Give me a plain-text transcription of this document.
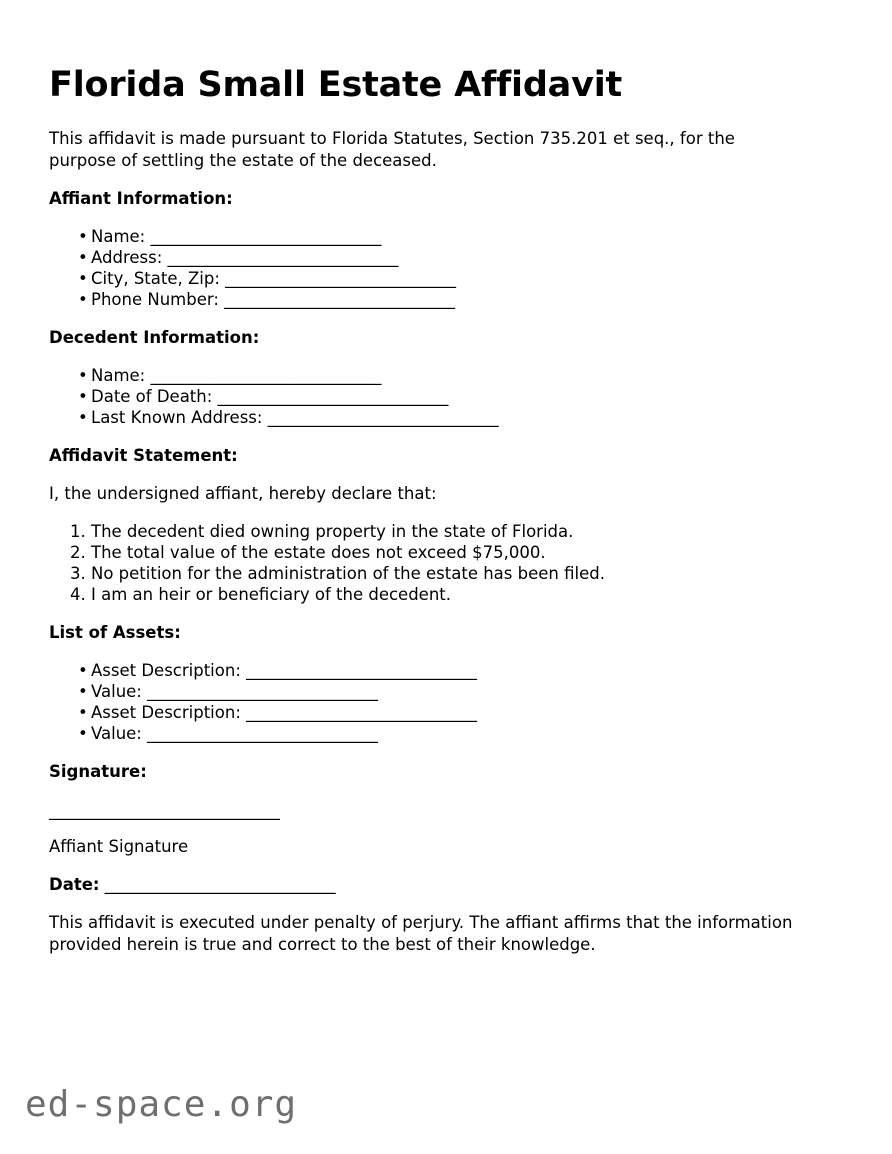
Florida Small Estate Affidavit

This affidavit is made pursuant to Florida Statutes, Section 735.201 et seq., for the purpose of settling the estate of the deceased.

Affiant Information:
• Name: _____________________________
• Address: _____________________________
• City, State, Zip: _____________________________
• Phone Number: _____________________________
Decedent Information:
• Name: _____________________________
• Date of Death: _____________________________
• Last Known Address: _____________________________
Affidavit Statement:

I, the undersigned affiant, hereby declare that:

The decedent died owning property in the state of Florida.
The total value of the estate does not exceed $75,000.
No petition for the administration of the estate has been filed.
I am an heir or beneficiary of the decedent.
List of Assets:
• Asset Description: _____________________________
• Value: _____________________________
• Asset Description: _____________________________
• Value: _____________________________
Signature:
_____________________________
Affiant Signature
Date: _____________________________

This affidavit is executed under penalty of perjury. The affiant affirms that the information provided herein is true and correct to the best of their knowledge.

ed-space.org
